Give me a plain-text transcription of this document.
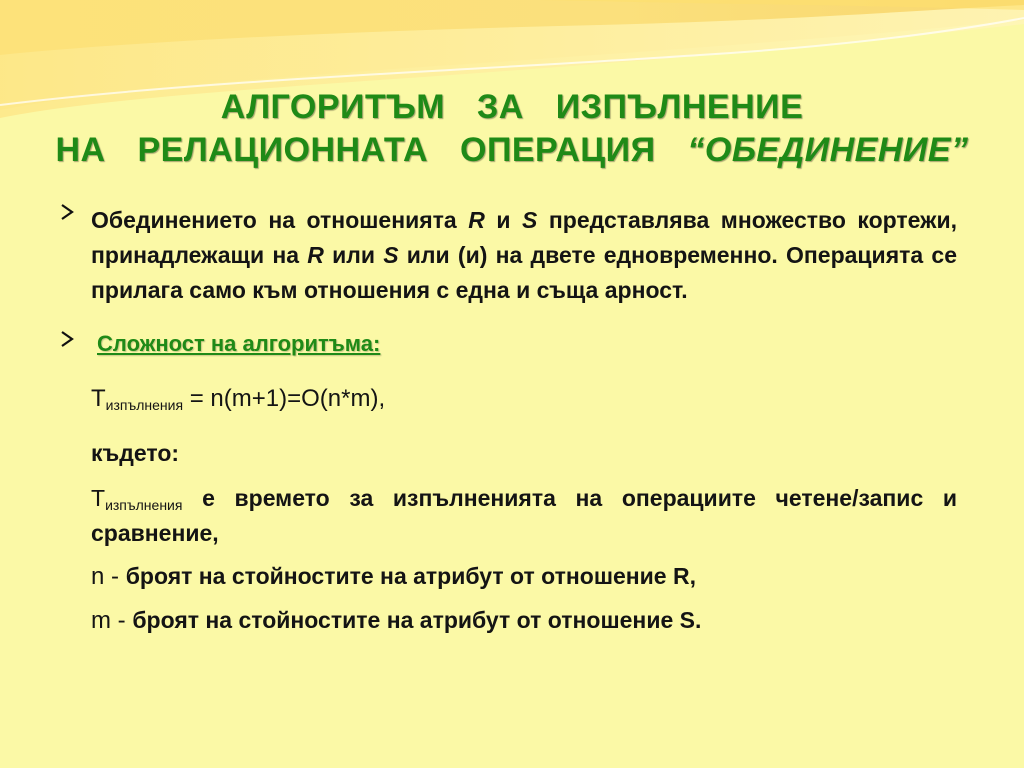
АЛГОРИТЪМ  ЗА  ИЗПЪЛНЕНИЕ
НА  РЕЛАЦИОННАТА  ОПЕРАЦИЯ  “ОБЕДИНЕНИЕ”
Обединението на отношенията R и S представлява множество кортежи, принадлежащи на R или S или (и) на двете едновременно. Операцията се прилага само към отношения с една и съща арност.
Сложност на алгоритъма:

$T_{изпълнения} = n(m+1)=O(n*m)$,

където:

$T_{изпълнения}$ е времето за изпълненията на операциите четене/запис и сравнение,

n - броят на стойностите на атрибут от отношение R,

m - броят на стойностите на атрибут от отношение S.
